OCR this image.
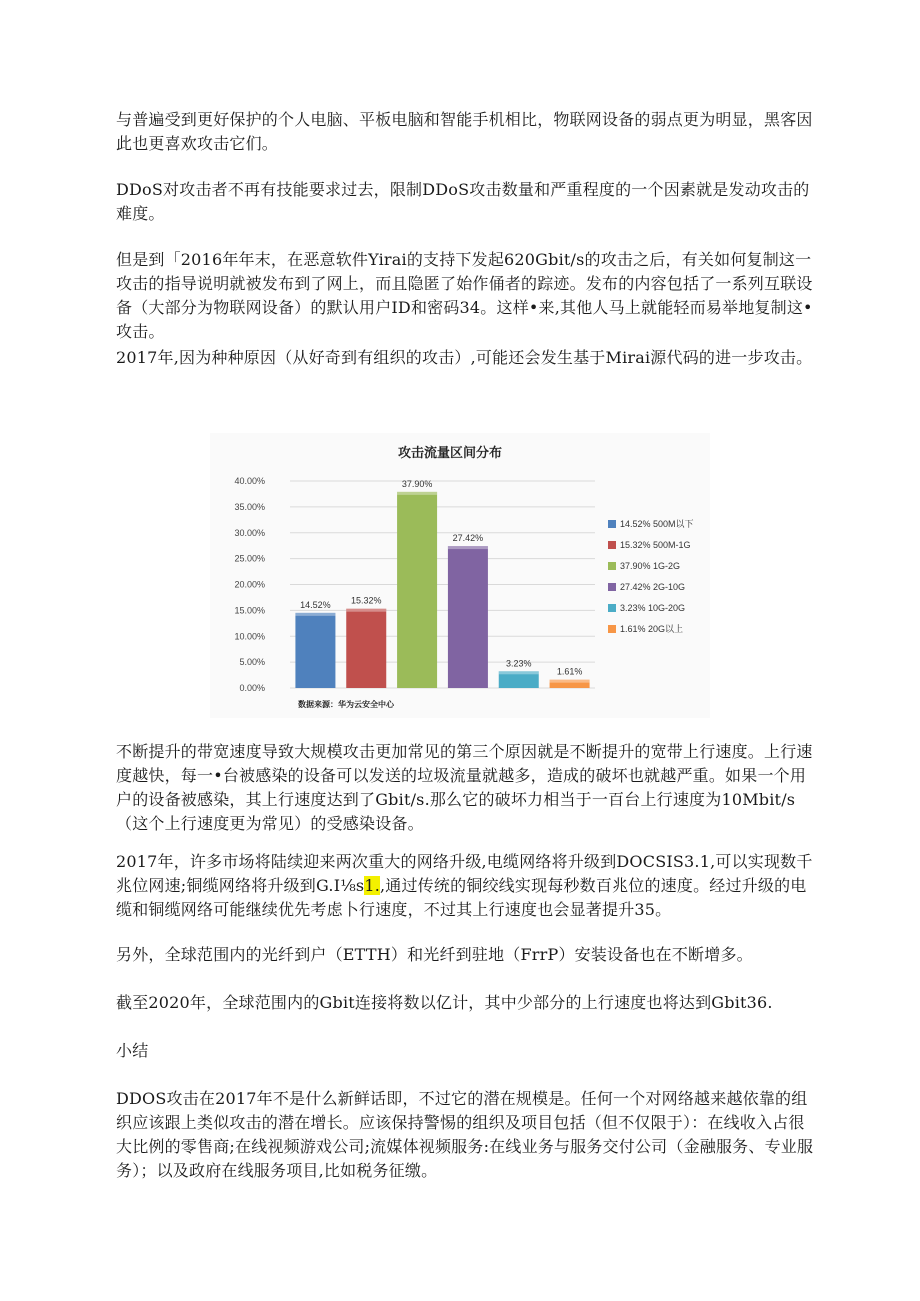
与普遍受到更好保护的个人电脑、平板电脑和智能手机相比，物联网设备的弱点更为明显，黑客因此也更喜欢攻击它们。

DDoS对攻击者不再有技能要求过去，限制DDoS攻击数量和严重程度的一个因素就是发动攻击的难度。

但是到「2016年年末，在恶意软件Yirai的支持下发起620Gbit/s的攻击之后，有关如何复制这一攻击的指导说明就被发布到了网上，而且隐匿了始作俑者的踪迹。发布的内容包括了一系列互联设备（大部分为物联网设备）的默认用户ID和密码34。这样•来,其他人马上就能轻而易举地复制这•攻击。

2017年,因为种种原因（从好奇到有组织的攻击）,可能还会发生基于Mirai源代码的进一步攻击。

攻击流量区间分布
0.00%
5.00%
10.00%
15.00%
20.00%
25.00%
30.00%
35.00%
40.00%
14.52% 15.32%
37.90%
27.42%
3.23%
1.61%
14.52% 500M以下
15.32% 500M-1G
37.90% 1G-2G
27.42% 2G-10G
3.23% 10G-20G
1.61% 20G以上
数据来源：华为云安全中心

不断提升的带宽速度导致大规模攻击更加常见的第三个原因就是不断提升的宽带上行速度。上行速度越快，每一•台被感染的设备可以发送的垃圾流量就越多，造成的破坏也就越严重。如果一个用户的设备被感染，其上行速度达到了Gbit/s.那么它的破坏力相当于一百台上行速度为10Mbit/s（这个上行速度更为常见）的受感染设备。

2017年，许多市场将陆续迎来两次重大的网络升级,电缆网络将升级到DOCSIS3.1,可以实现数千兆位网速;铜缆网络将升级到G.I⅛s1.,通过传统的铜绞线实现每秒数百兆位的速度。经过升级的电缆和铜缆网络可能继续优先考虑卜行速度，不过其上行速度也会显著提升35。

另外，全球范围内的光纤到户（ETTH）和光纤到驻地（FrrP）安装设备也在不断增多。

截至2020年，全球范围内的Gbit连接将数以亿计，其中少部分的上行速度也将达到Gbit36.

小结

DDOS攻击在2017年不是什么新鲜话即，不过它的潜在规模是。任何一个对网络越来越依靠的组织应该跟上类似攻击的潜在增长。应该保持警惕的组织及项目包括（但不仅限于）：在线收入占很大比例的零售商;在线视频游戏公司;流媒体视频服务:在线业务与服务交付公司（金融服务、专业服务）；以及政府在线服务项目,比如税务征缴。
